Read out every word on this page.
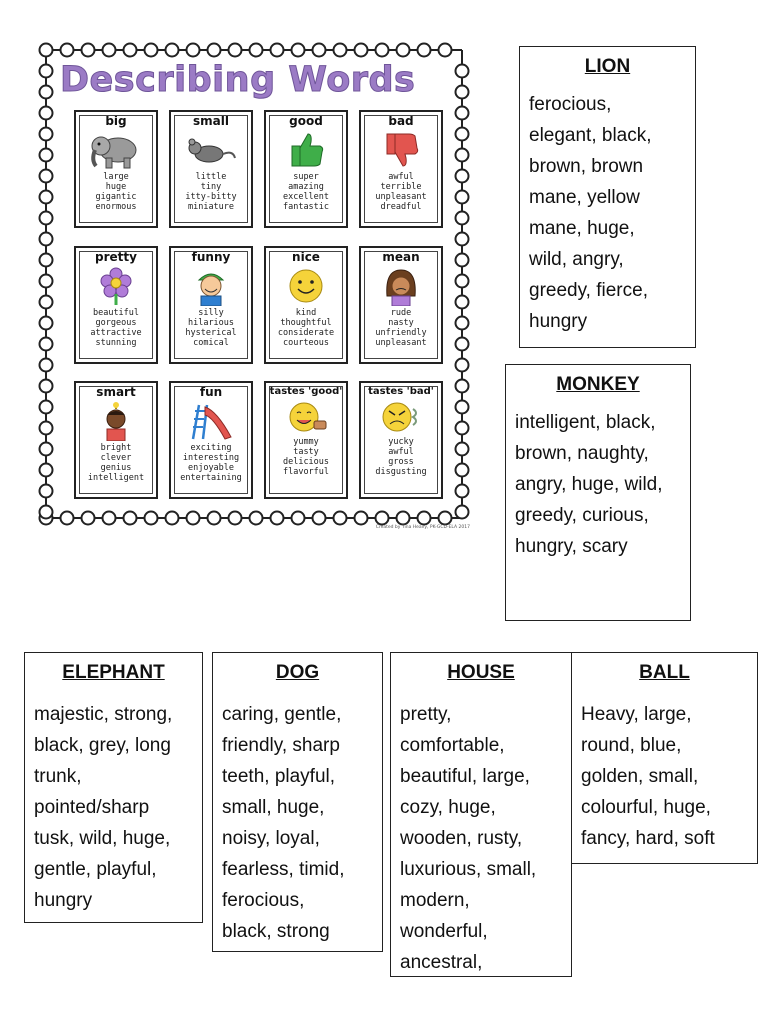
Describing Words
big
large
huge
gigantic
enormous
small
little
tiny
itty-bitty
miniature
good
super
amazing
excellent
fantastic
bad
awful
terrible
unpleasant
dreadful
pretty
beautiful
gorgeous
attractive
stunning
funny
silly
hilarious
hysterical
comical
nice
kind
thoughtful
considerate
courteous
mean
rude
nasty
unfriendly
unpleasant
smart
bright
clever
genius
intelligent
fun
exciting
interesting
enjoyable
entertaining
tastes 'good'
yummy
tasty
delicious
flavorful
tastes 'bad'
yucky
awful
gross
disgusting
Created by Tina Heavy, PK-GCD-ELA 2017
LION
ferocious,
elegant, black,
brown, brown
mane, yellow
mane, huge,
wild, angry,
greedy, fierce,
hungry
MONKEY
intelligent, black,
brown, naughty,
angry, huge, wild,
greedy, curious,
hungry, scary
ELEPHANT
majestic, strong,
black, grey, long
trunk,
pointed/sharp
tusk, wild, huge,
gentle, playful,
hungry
DOG
caring, gentle,
friendly, sharp
teeth, playful,
small, huge,
noisy, loyal,
fearless, timid,
ferocious,
black, strong
HOUSE
pretty,
comfortable,
beautiful, large,
cozy, huge,
wooden, rusty,
luxurious, small,
modern,
wonderful,
ancestral,
BALL
Heavy, large,
round, blue,
golden, small,
colourful, huge,
fancy, hard, soft
